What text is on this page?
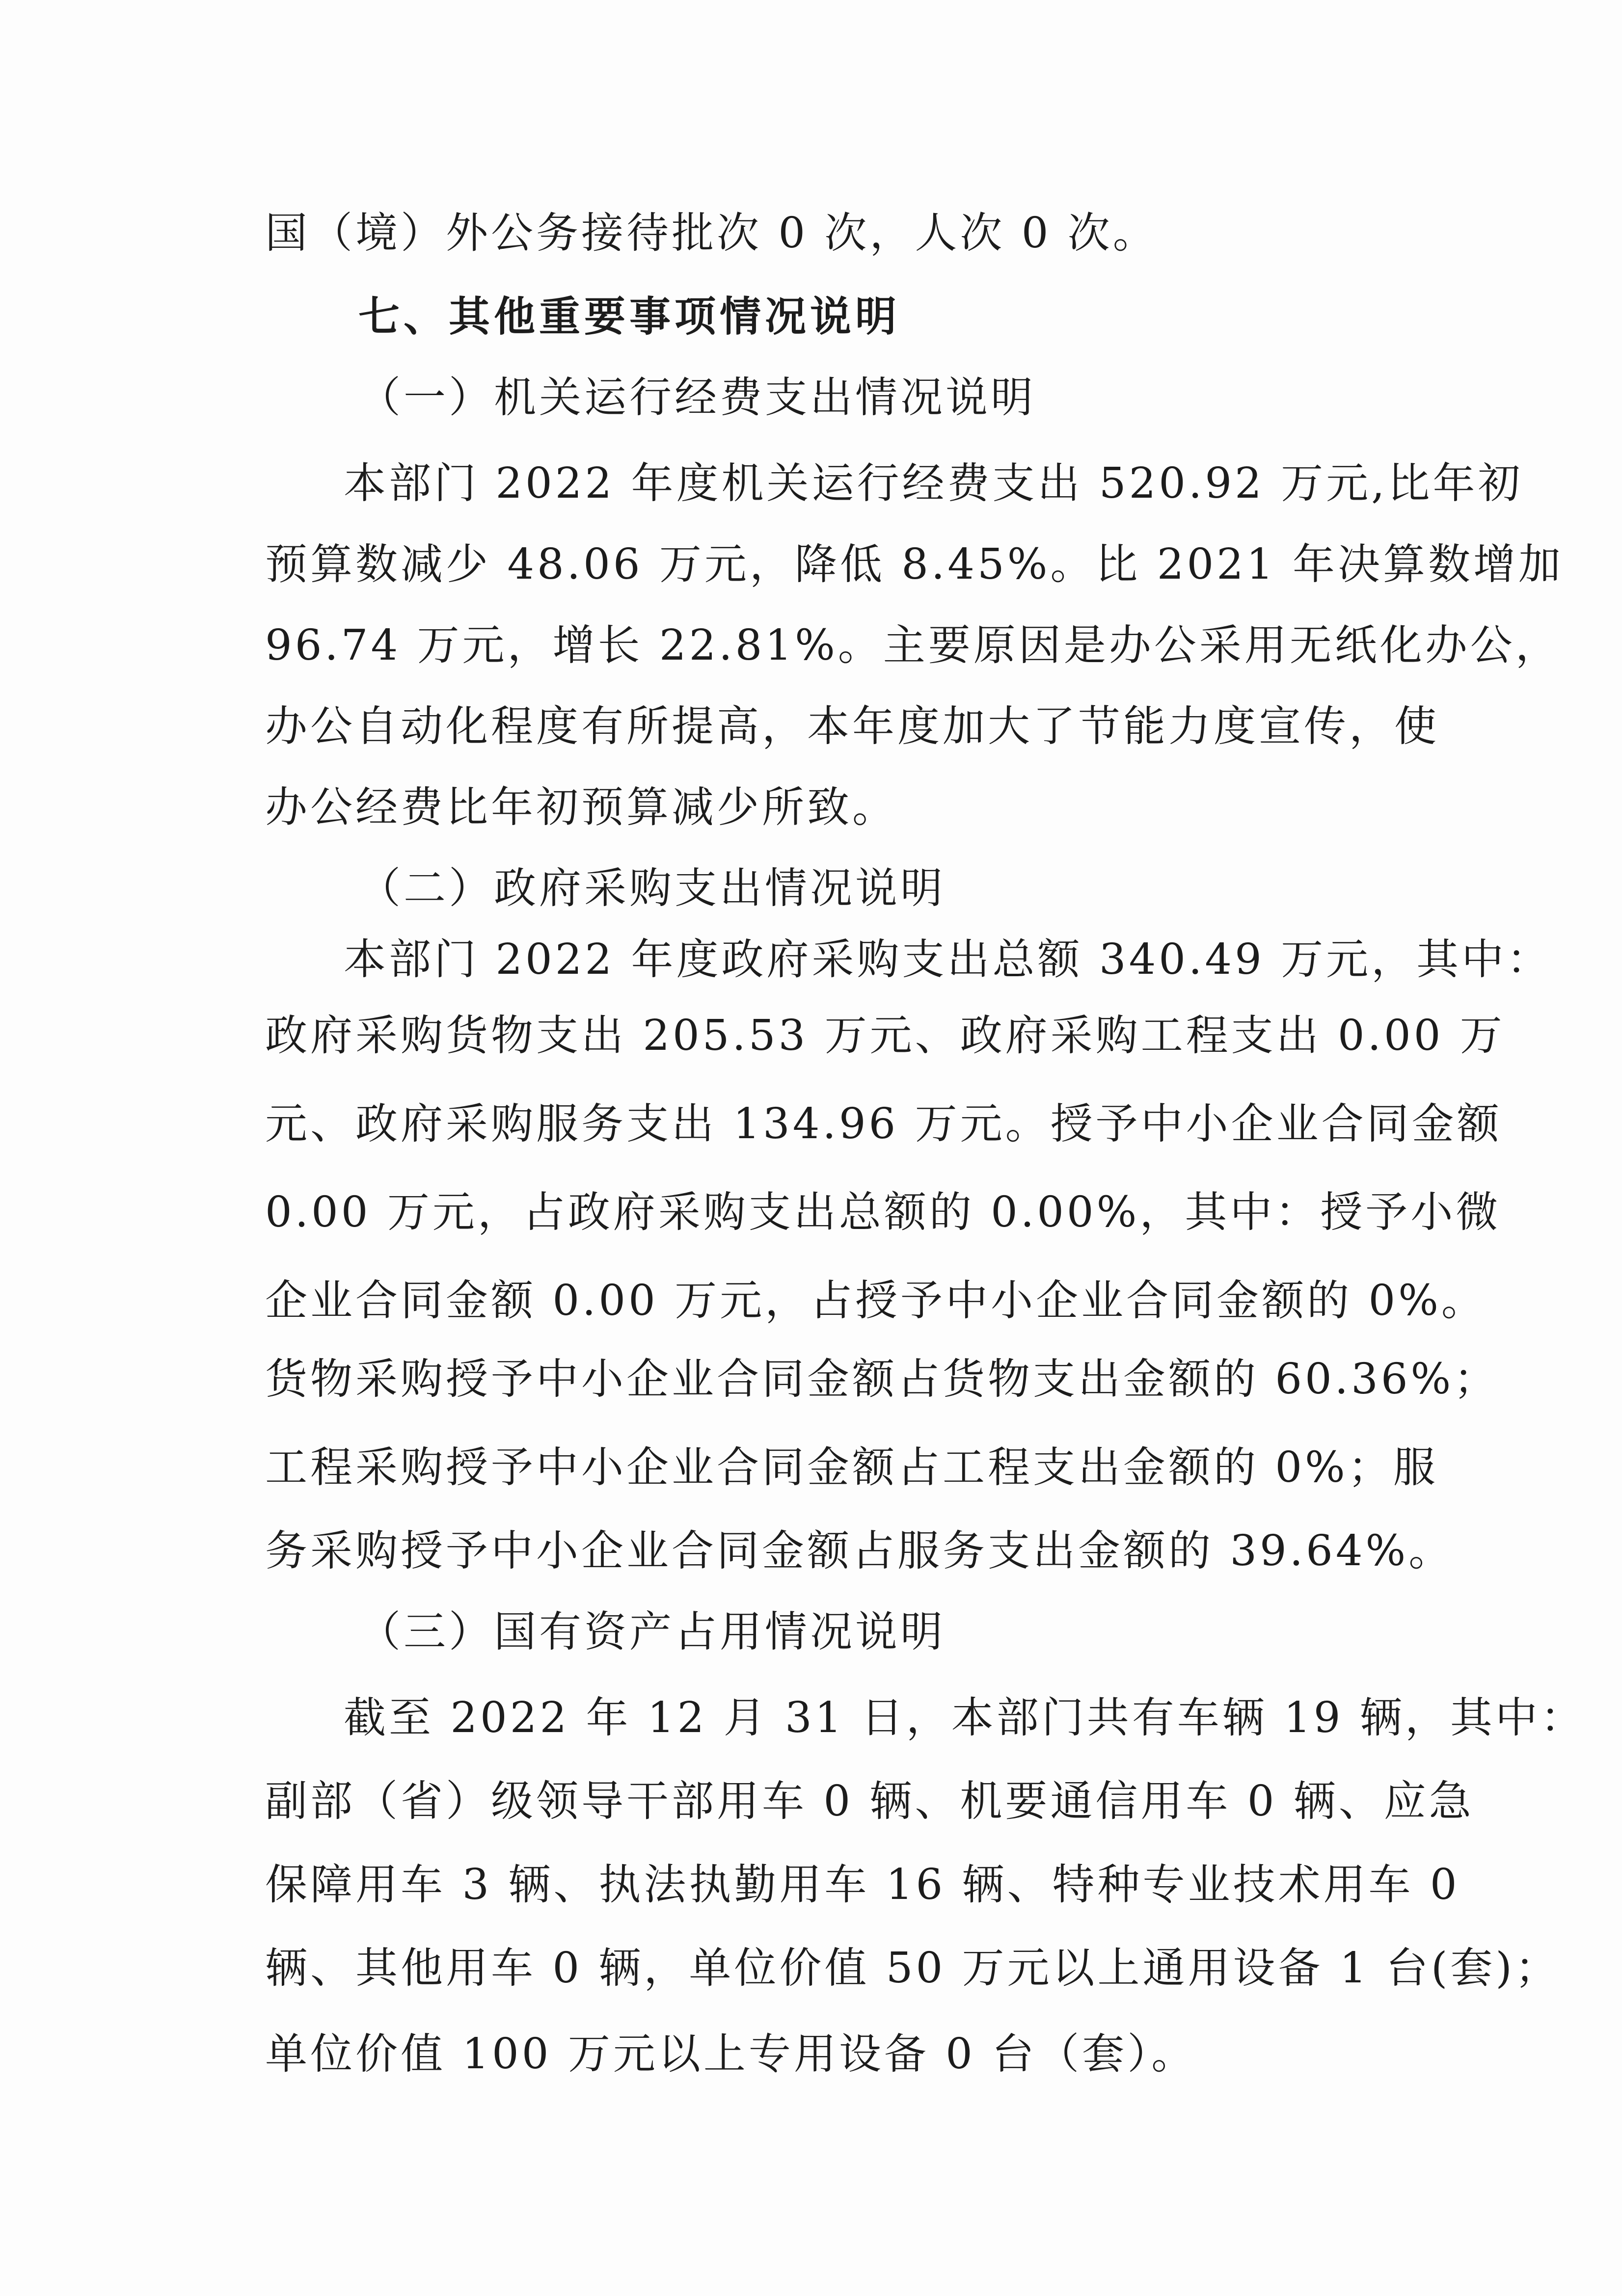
国（境）外公务接待批次 0 次，人次 0 次。
七、其他重要事项情况说明
（一）机关运行经费支出情况说明
本部门 2022 年度机关运行经费支出 520.92 万元,比年初
预算数减少 48.06 万元，降低 8.45%。比 2021 年决算数增加
96.74 万元，增长 22.81%。主要原因是办公采用无纸化办公，
办公自动化程度有所提高，本年度加大了节能力度宣传，使
办公经费比年初预算减少所致。
（二）政府采购支出情况说明
本部门 2022 年度政府采购支出总额 340.49 万元，其中：
政府采购货物支出 205.53 万元、政府采购工程支出 0.00 万
元、政府采购服务支出 134.96 万元。授予中小企业合同金额
0.00 万元，占政府采购支出总额的 0.00%，其中：授予小微
企业合同金额 0.00 万元，占授予中小企业合同金额的 0%。
货物采购授予中小企业合同金额占货物支出金额的 60.36%；
工程采购授予中小企业合同金额占工程支出金额的 0%；服
务采购授予中小企业合同金额占服务支出金额的 39.64%。
（三）国有资产占用情况说明
截至 2022 年 12 月 31 日，本部门共有车辆 19 辆，其中：
副部（省）级领导干部用车 0 辆、机要通信用车 0 辆、应急
保障用车 3 辆、执法执勤用车 16 辆、特种专业技术用车 0
辆、其他用车 0 辆，单位价值 50 万元以上通用设备 1 台(套)；
单位价值 100 万元以上专用设备 0 台（套）。
